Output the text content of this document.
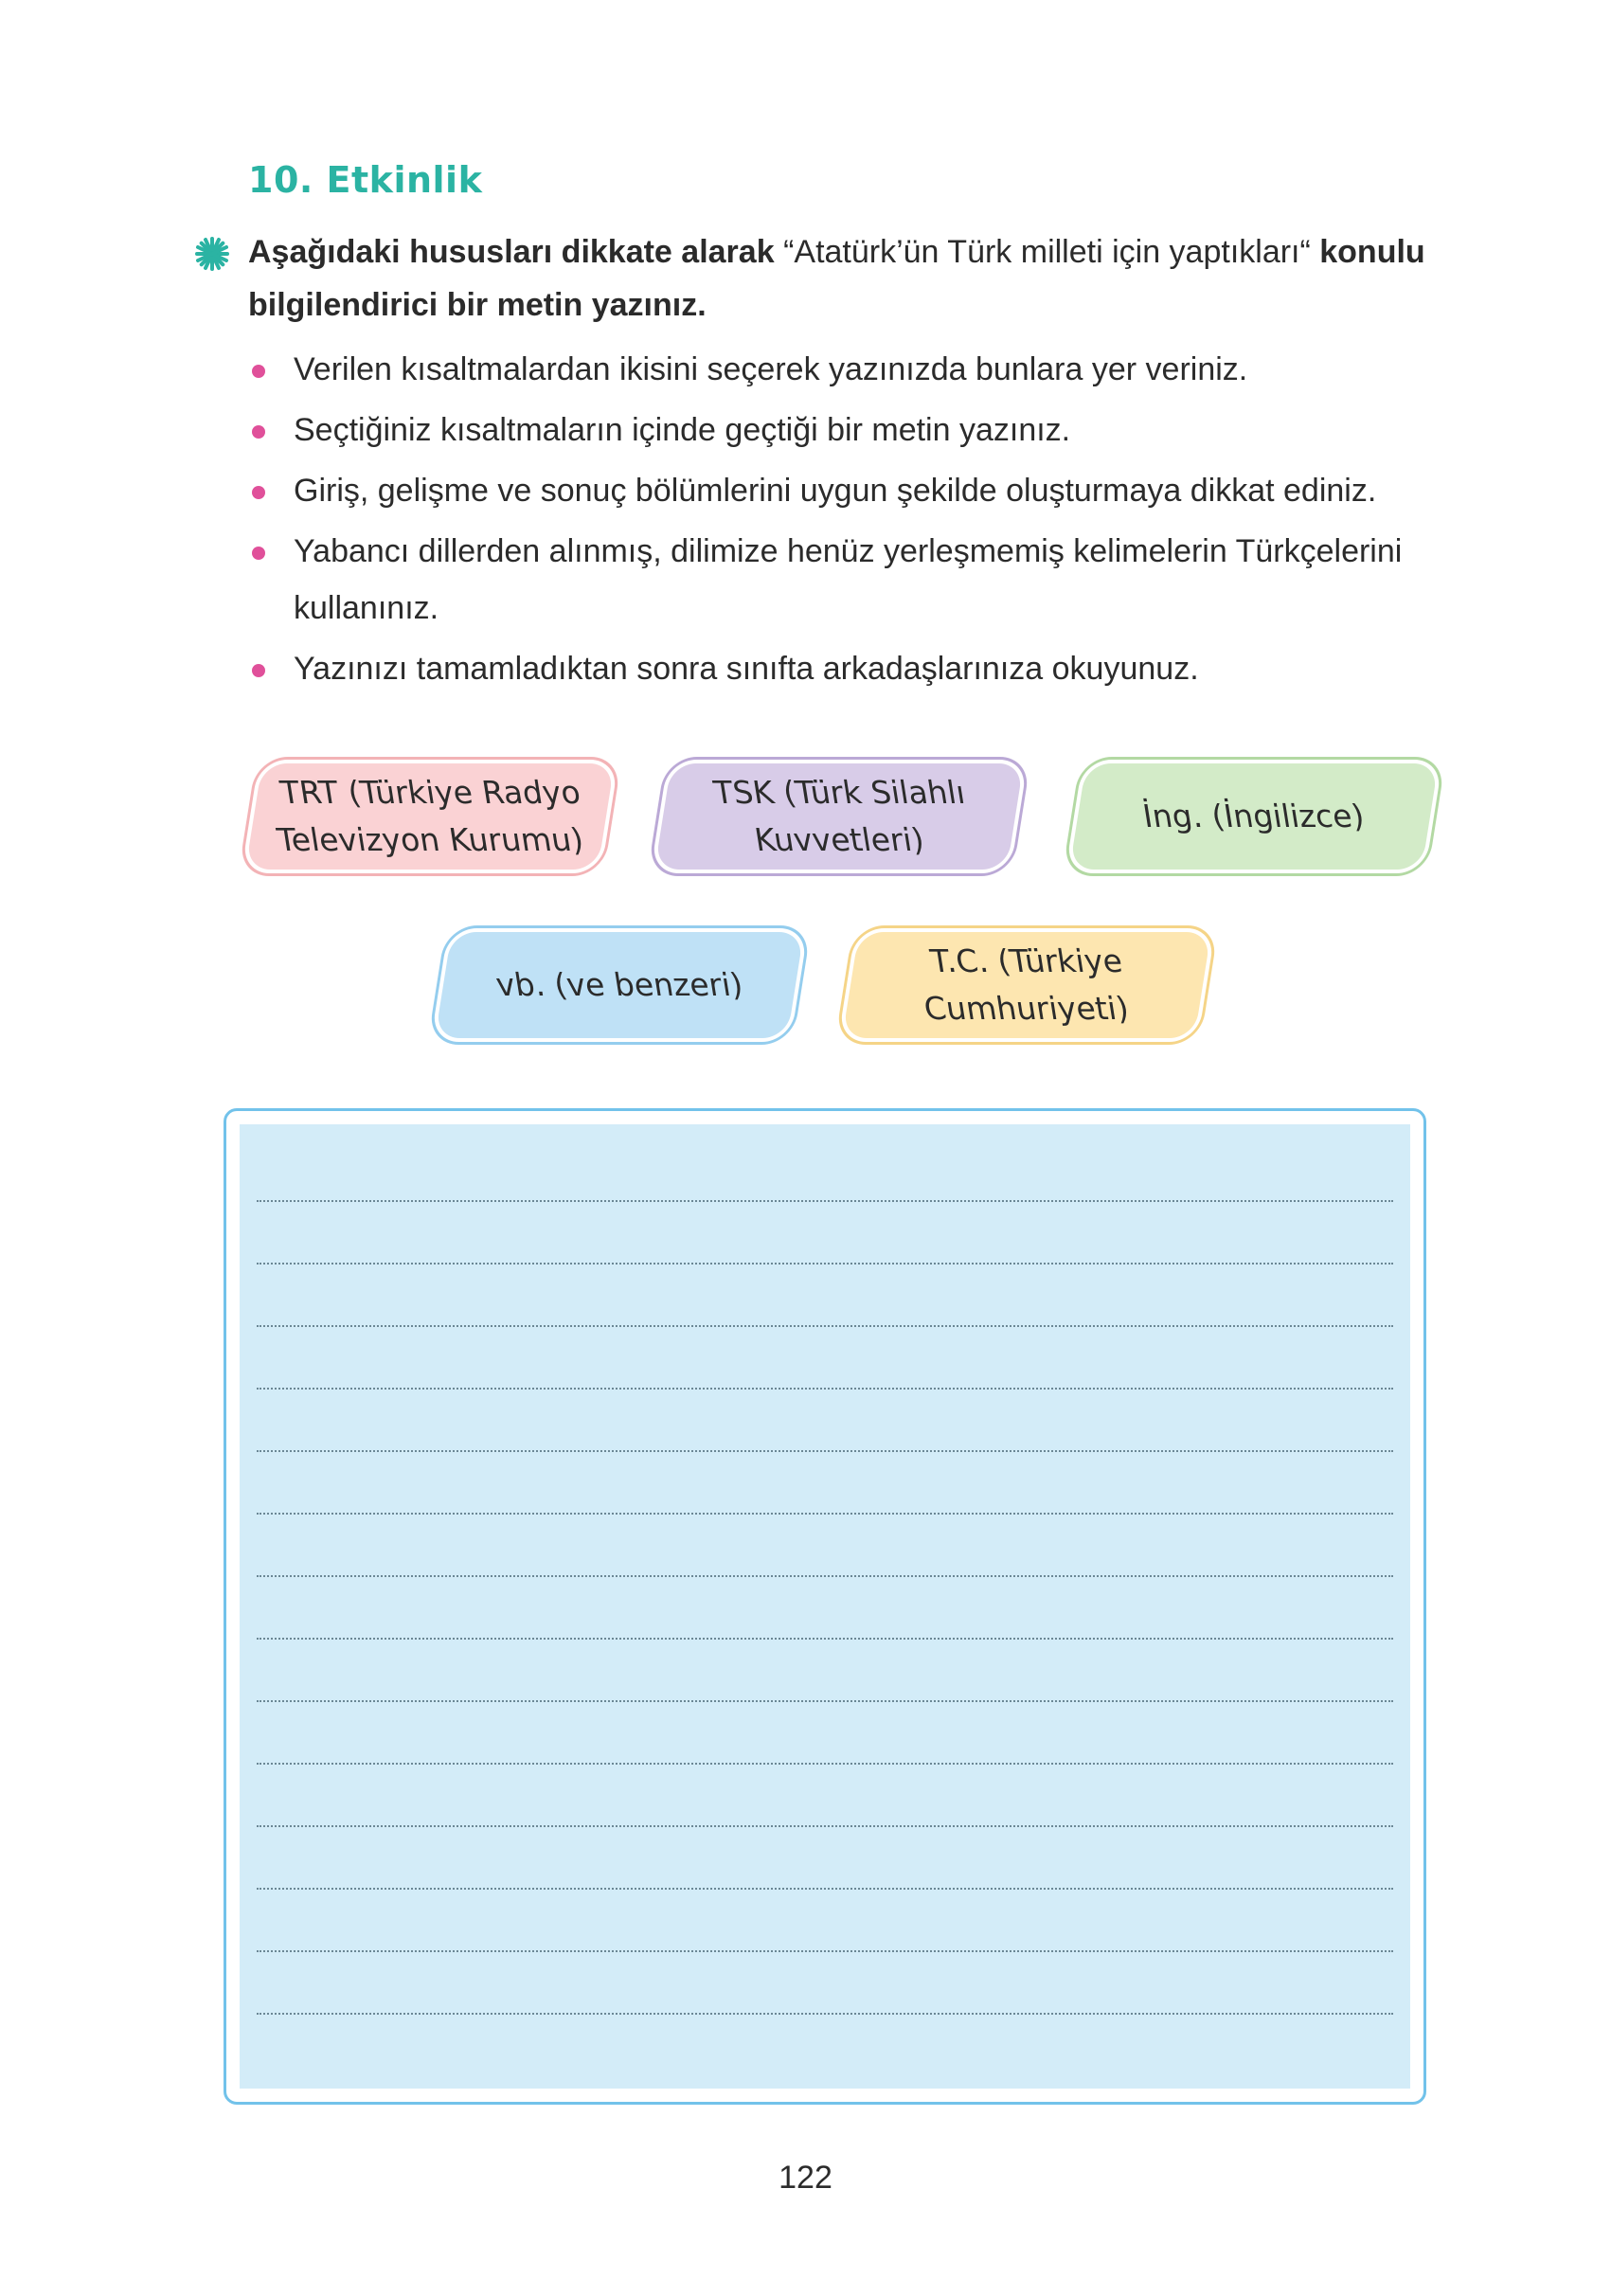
10. Etkinlik
Aşağıdaki hususları dikkate alarak “Atatürk’ün Türk milleti için yaptıkları“ konulu bilgilendirici bir metin yazınız.
Verilen kısaltmalardan ikisini seçerek yazınızda bunlara yer veriniz.
Seçtiğiniz kısaltmaların içinde geçtiği bir metin yazınız.
Giriş, gelişme ve sonuç bölümlerini uygun şekilde oluşturmaya dikkat ediniz.
Yabancı dillerden alınmış, dilimize henüz yerleşmemiş kelimelerin Türkçelerini kullanınız.
Yazınızı tamamladıktan sonra sınıfta arkadaşlarınıza okuyunuz.
TRT (Türkiye Radyo
Televizyon Kurumu)
TSK (Türk Silahlı
Kuvvetleri)
İng. (İngilizce)
vb. (ve benzeri)
T.C. (Türkiye
Cumhuriyeti)
122
